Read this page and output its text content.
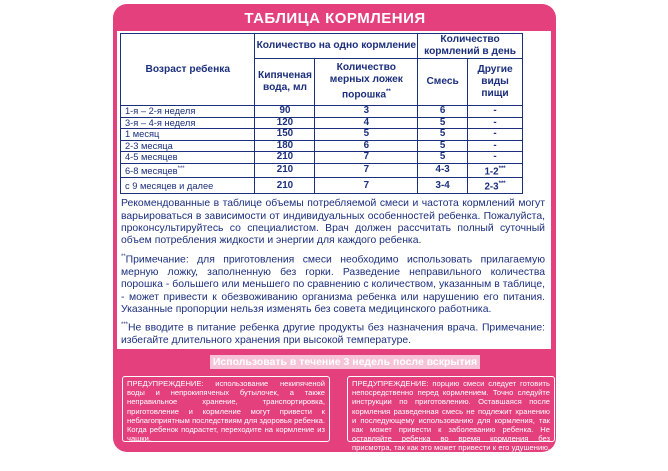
ТАБЛИЦА КОРМЛЕНИЯ
Возраст ребенка	Количество на одно кормление		Количество кормлений в день	
	Кипяченая вода, мл	Количество мерных ложек порошка**	Смесь	Другие виды пищи
1-я – 2-я неделя	90	3	6	-
3-я – 4-я неделя	120	4	5	-
1 месяц	150	5	5	-
2-3 месяца	180	6	5	-
4-5 месяцев	210	7	5	-
6-8 месяцев***	210	7	4-3	1-2***
с 9 месяцев и далее	210	7	3-4	2-3***
Рекомендованные в таблице объемы потребляемой смеси и частота кормлений могут варьироваться в зависимости от индивидуальных особенностей ребенка. Пожалуйста, проконсультируйтесь со специалистом. Врач должен рассчитать полный суточный объем потребления жидкости и энергии для каждого ребенка.
**Примечание: для приготовления смеси необходимо использовать прилагаемую мерную ложку, заполненную без горки. Разведение неправильного количества порошка - большего или меньшего по сравнению с количеством, указанным в таблице, - может привести к обезвоживанию организма ребенка или нарушению его питания. Указанные пропорции нельзя изменять без совета медицинского работника.
***Не вводите в питание ребенка другие продукты без назначения врача. Примечание: избегайте длительного хранения при высокой температуре.
Использовать в течение 3 недель после вскрытия
ПРЕДУПРЕЖДЕНИЕ: использование некипяченой воды и непрокипяченых бутылочек, а также неправильное хранение, транспортировка, приготовление и кормление могут привести к неблагоприятным последствиям для здоровья ребенка. Когда ребенок подрастет, переходите на кормление из чашки.
ПРЕДУПРЕЖДЕНИЕ: порцию смеси следует готовить непосредственно перед кормлением. Точно следуйте инструкции по приготовлению. Оставшаяся после кормления разведенная смесь не подлежит хранению и последующему использованию для кормления, так как может привести к заболеванию ребенка. Не оставляйте ребенка во время кормления без присмотра, так как это может привести к его удушению. Используйте специальные соски, чтобы ребенок не поперхнулся.
